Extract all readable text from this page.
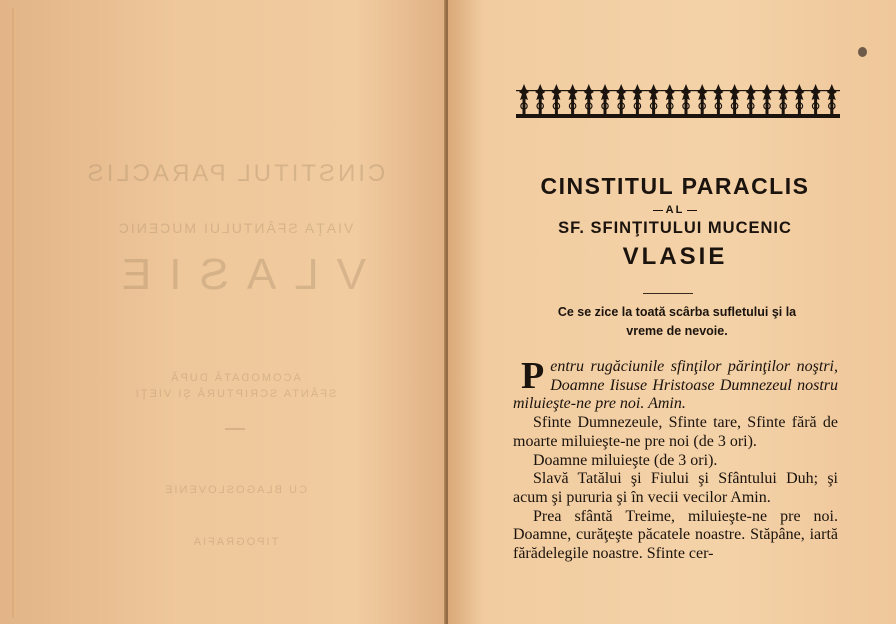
CINSTITUL PARACLIS
VIAŢA SFÂNTULUI MUCENIC
VLASIE
ACOMODATĂ DUPĂ
SFÂNTA SCRIPTURĂ ŞI VIEŢI
CU BLAGOSLOVENIE
TIPOGRAFIA
CINSTITUL PARACLIS
AL
SF. SFINŢITULUI MUCENIC
VLASIE
Ce se zice la toată scârba sufletului şi la
vreme de nevoie.

Pentru rugăciunile sfinţilor părinţilor noştri, Doamne Iisuse Hristoase Dumnezeul nostru miluieşte-ne pre noi. Amin.

Sfinte Dumnezeule, Sfinte tare, Sfinte fără de moarte miluieşte-ne pre noi (de 3 ori).

Doamne miluieşte (de 3 ori).

Slavă Tatălui şi Fiului şi Sfântului Duh; şi acum şi pururia şi în vecii vecilor Amin.

Prea sfântă Treime, miluieşte-ne pre noi. Doamne, curăţeşte păcatele noastre. Stăpâne, iartă fărădelegile noastre. Sfinte cer-
